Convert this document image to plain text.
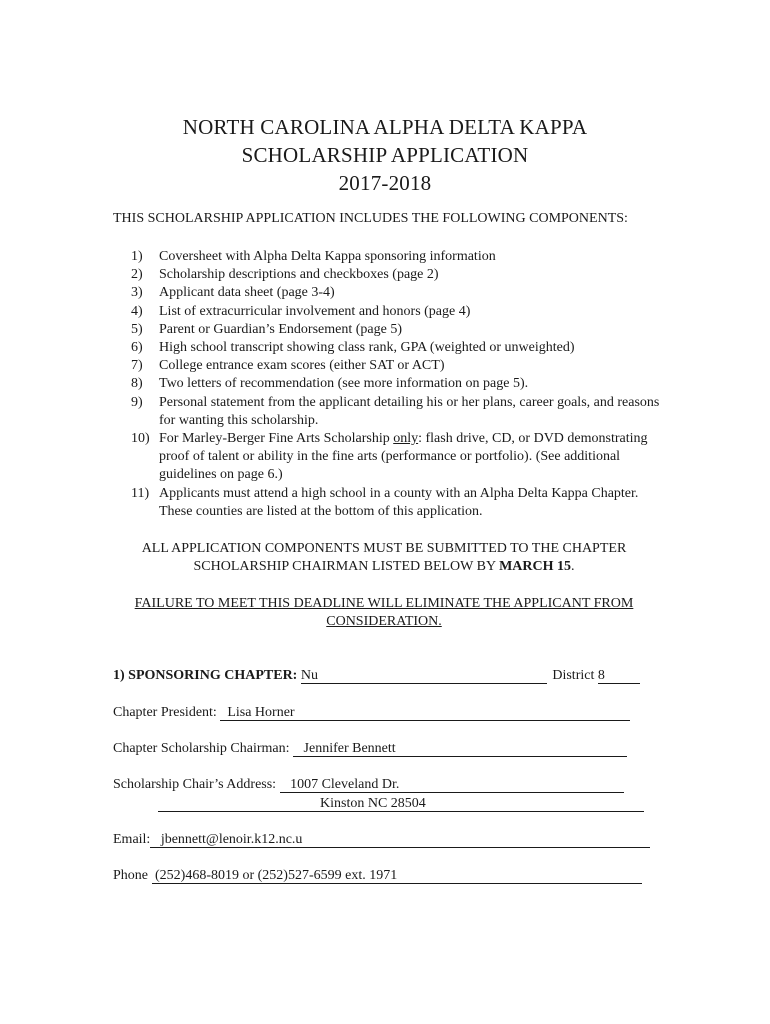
NORTH CAROLINA ALPHA DELTA KAPPA
SCHOLARSHIP APPLICATION
2017-2018
THIS SCHOLARSHIP APPLICATION INCLUDES THE FOLLOWING COMPONENTS:
1)	Coversheet with Alpha Delta Kappa sponsoring information
2)	Scholarship descriptions and checkboxes (page 2)
3)	Applicant data sheet (page 3-4)
4)	List of extracurricular involvement and honors (page 4)
5)	Parent or Guardian’s Endorsement (page 5)
6)	High school transcript showing class rank, GPA (weighted or unweighted)
7)	College entrance exam scores (either SAT or ACT)
8)	Two letters of recommendation (see more information on page 5).
9)	Personal statement from the applicant detailing his or her plans, career goals, and reasons for wanting this scholarship.
10) For Marley-Berger Fine Arts Scholarship only: flash drive, CD, or DVD demonstrating proof of talent or ability in the fine arts (performance or portfolio). (See additional guidelines on page 6.)
11) Applicants must attend a high school in a county with an Alpha Delta Kappa Chapter.      These counties are listed at the bottom of this application.
ALL APPLICATION COMPONENTS MUST BE SUBMITTED TO THE CHAPTER SCHOLARSHIP CHAIRMAN LISTED BELOW BY MARCH 15.
FAILURE TO MEET THIS DEADLINE WILL ELIMINATE THE APPLICANT FROM CONSIDERATION.
1) SPONSORING CHAPTER: Nu	District 8
Chapter President: Lisa Horner
Chapter Scholarship Chairman: Jennifer Bennett
Scholarship Chair’s Address: 1007 Cleveland Dr.
Kinston NC 28504
Email: jbennett@lenoir.k12.nc.u
Phone (252)468-8019 or (252)527-6599 ext. 1971
